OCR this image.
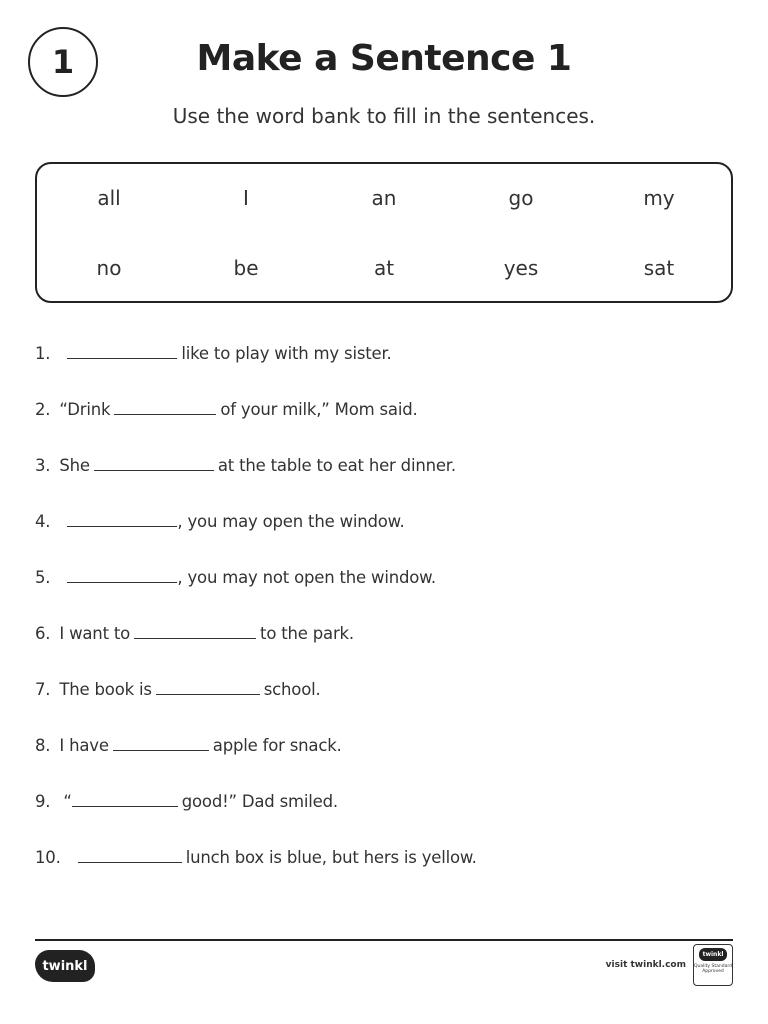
1	Make a Sentence 1
Use the word bank to fill in the sentences.
all	I	an	go	my
no	be	at	yes	sat
1.	like to play with my sister.
2. “Drink	of your milk,” Mom said.
3. She	at the table to eat her dinner.
4.	, you may open the window.
5.	, you may not open the window.
6. I want to	to the park.
7. The book is	school.
8. I have	apple for snack.
9. “	good!” Dad smiled.
10.	lunch box is blue, but hers is yellow.
twinkl	visit twinkl.com
twinkl
Quality Standard Approved
